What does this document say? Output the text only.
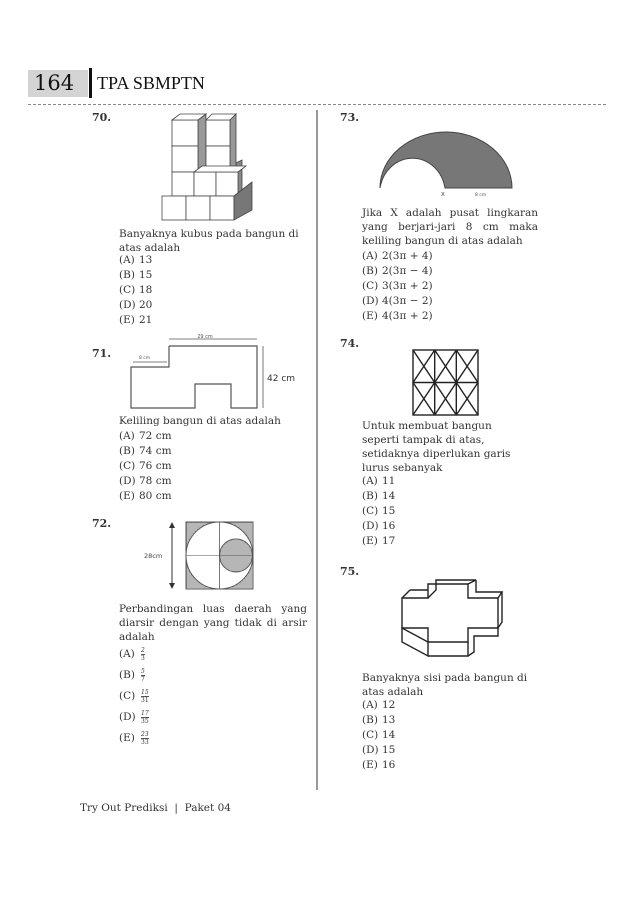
164 TPA SBMPTN
70.
Banyaknya kubus pada bangun di atas adalah
(A) 13
(B) 15
(C) 18
(D) 20
(E) 21
71.
29 cm
42 cm
8 cm
Keliling bangun di atas adalah
(A) 72 cm
(B) 74 cm
(C) 76 cm
(D) 78 cm
(E) 80 cm
72.
28cm
Perbandingan luas daerah yang diarsir dengan yang tidak di arsir adalah
(A)	$\frac{2}{3}$
(B)	$\frac{5}{7}$
$(C) \frac{15}{31}$
$(D) \frac{17}{35}$
(E)	$\frac{23}{33}$
73.
X	8 cm
Jika X adalah pusat lingkaran yang berjari-jari 8 cm maka keliling bangun di atas adalah
(A) 2(3π + 4)
(B) 2(3π − 4)
(C) 3(3π + 2)
(D) 4(3π − 2)
(E) 4(3π + 2)
74.
Untuk membuat bangun seperti tampak di atas, setidaknya diperlukan garis lurus sebanyak
(A) 11
(B) 14
(C) 15
(D) 16
(E) 17
75.
Banyaknya sisi pada bangun di atas adalah
(A) 12
(B) 13
(C) 14
(D) 15
(E) 16
Try Out Prediksi  |  Paket 04
